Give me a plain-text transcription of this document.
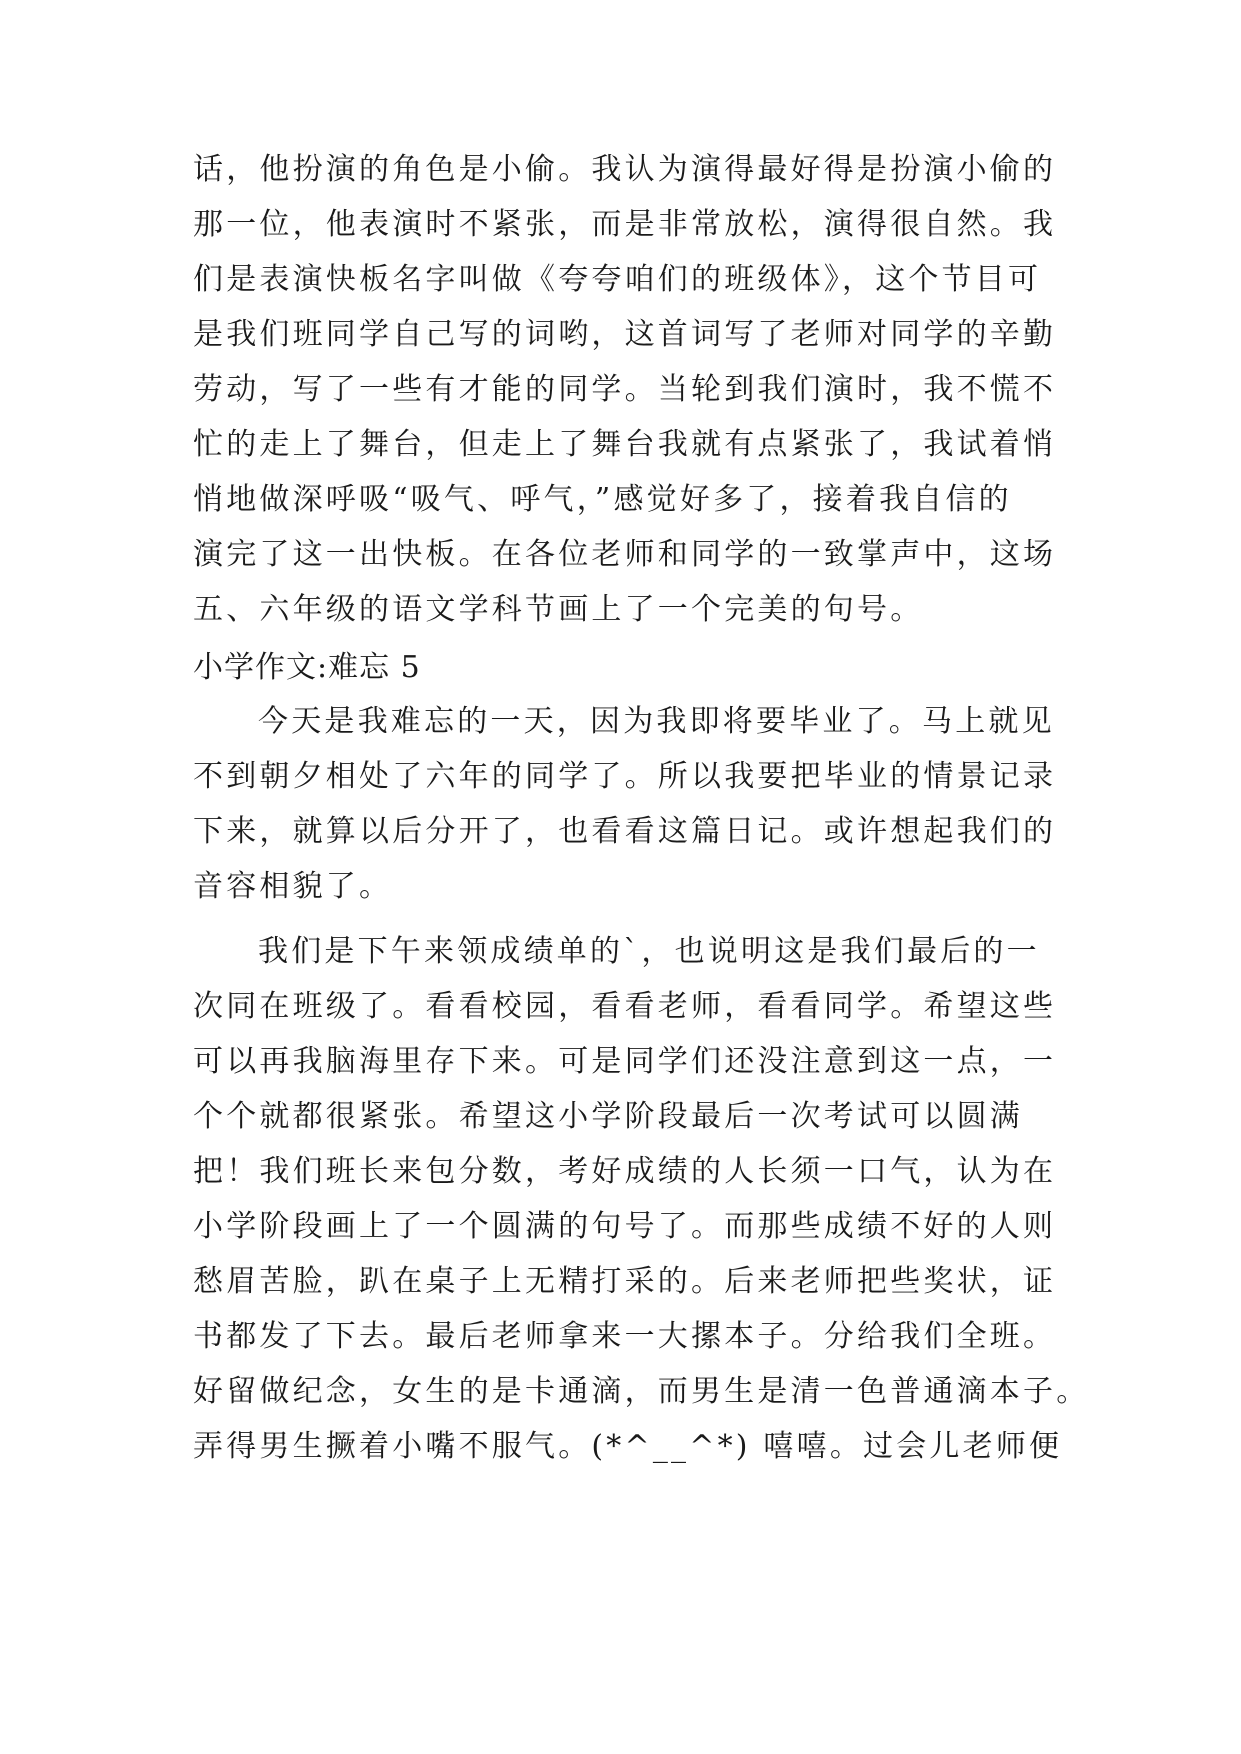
话，他扮演的角色是小偷。我认为演得最好得是扮演小偷的
那一位，他表演时不紧张，而是非常放松，演得很自然。我
们是表演快板名字叫做《夸夸咱们的班级体》，这个节目可
是我们班同学自己写的词哟，这首词写了老师对同学的辛勤
劳动，写了一些有才能的同学。当轮到我们演时，我不慌不
忙的走上了舞台，但走上了舞台我就有点紧张了，我试着悄
悄地做深呼吸“吸气、呼气，”感觉好多了，接着我自信的
演完了这一出快板。在各位老师和同学的一致掌声中，这场
五、六年级的语文学科节画上了一个完美的句号。
小学作文:难忘 5
今天是我难忘的一天，因为我即将要毕业了。马上就见
不到朝夕相处了六年的同学了。所以我要把毕业的情景记录
下来，就算以后分开了，也看看这篇日记。或许想起我们的
音容相貌了。
我们是下午来领成绩单的`，也说明这是我们最后的一
次同在班级了。看看校园，看看老师，看看同学。希望这些
可以再我脑海里存下来。可是同学们还没注意到这一点，一
个个就都很紧张。希望这小学阶段最后一次考试可以圆满
把！我们班长来包分数，考好成绩的人长须一口气，认为在
小学阶段画上了一个圆满的句号了。而那些成绩不好的人则
愁眉苦脸，趴在桌子上无精打采的。后来老师把些奖状，证
书都发了下去。最后老师拿来一大摞本子。分给我们全班。
好留做纪念，女生的是卡通滴，而男生是清一色普通滴本子。
弄得男生撅着小嘴不服气。(*^__^*) 嘻嘻。过会儿老师便
